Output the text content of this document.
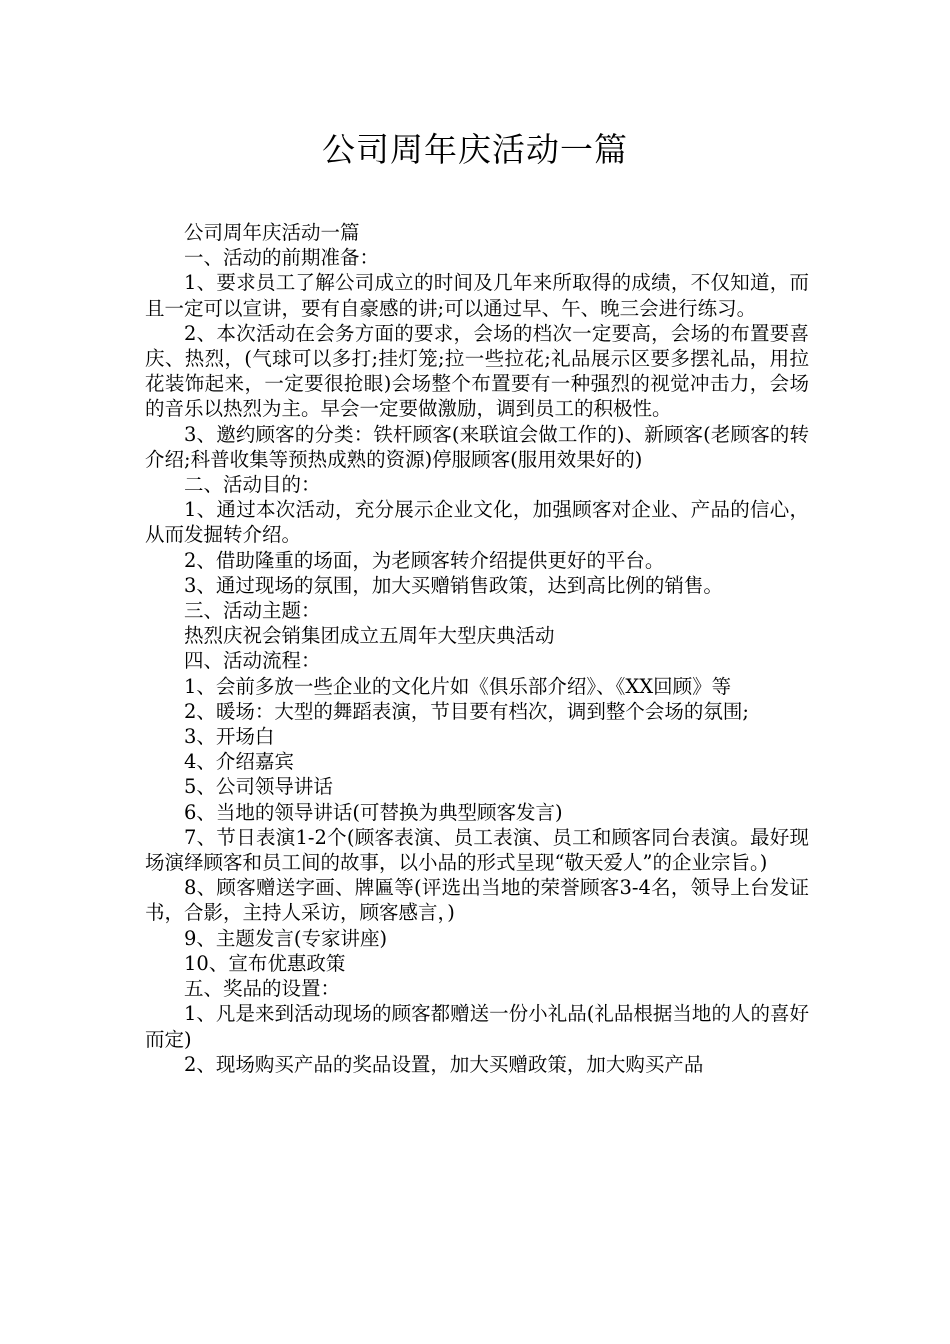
公司周年庆活动一篇

公司周年庆活动一篇

一、活动的前期准备：

1、要求员工了解公司成立的时间及几年来所取得的成绩，不仅知道，而且一定可以宣讲，要有自豪感的讲;可以通过早、午、晚三会进行练习。

2、本次活动在会务方面的要求，会场的档次一定要高，会场的布置要喜庆、热烈，(气球可以多打;挂灯笼;拉一些拉花;礼品展示区要多摆礼品，用拉花装饰起来，一定要很抢眼)会场整个布置要有一种强烈的视觉冲击力，会场的音乐以热烈为主。早会一定要做激励，调到员工的积极性。

3、邀约顾客的分类：铁杆顾客(来联谊会做工作的)、新顾客(老顾客的转介绍;科普收集等预热成熟的资源)停服顾客(服用效果好的)

二、活动目的：

1、通过本次活动，充分展示企业文化，加强顾客对企业、产品的信心，从而发掘转介绍。

2、借助隆重的场面，为老顾客转介绍提供更好的平台。

3、通过现场的氛围，加大买赠销售政策，达到高比例的销售。

三、活动主题：

热烈庆祝会销集团成立五周年大型庆典活动

四、活动流程：

1、会前多放一些企业的文化片如《俱乐部介绍》、《XX回顾》等

2、暖场：大型的舞蹈表演，节目要有档次，调到整个会场的氛围;

3、开场白

4、介绍嘉宾

5、公司领导讲话

6、当地的领导讲话(可替换为典型顾客发言)

7、节日表演1-2个(顾客表演、员工表演、员工和顾客同台表演。最好现场演绎顾客和员工间的故事，以小品的形式呈现“敬天爱人”的企业宗旨。)

8、顾客赠送字画、牌匾等(评选出当地的荣誉顾客3-4名，领导上台发证书，合影，主持人采访，顾客感言，)

9、主题发言(专家讲座)

10、宣布优惠政策

五、奖品的设置：

1、凡是来到活动现场的顾客都赠送一份小礼品(礼品根据当地的人的喜好而定)

2、现场购买产品的奖品设置，加大买赠政策，加大购买产品
